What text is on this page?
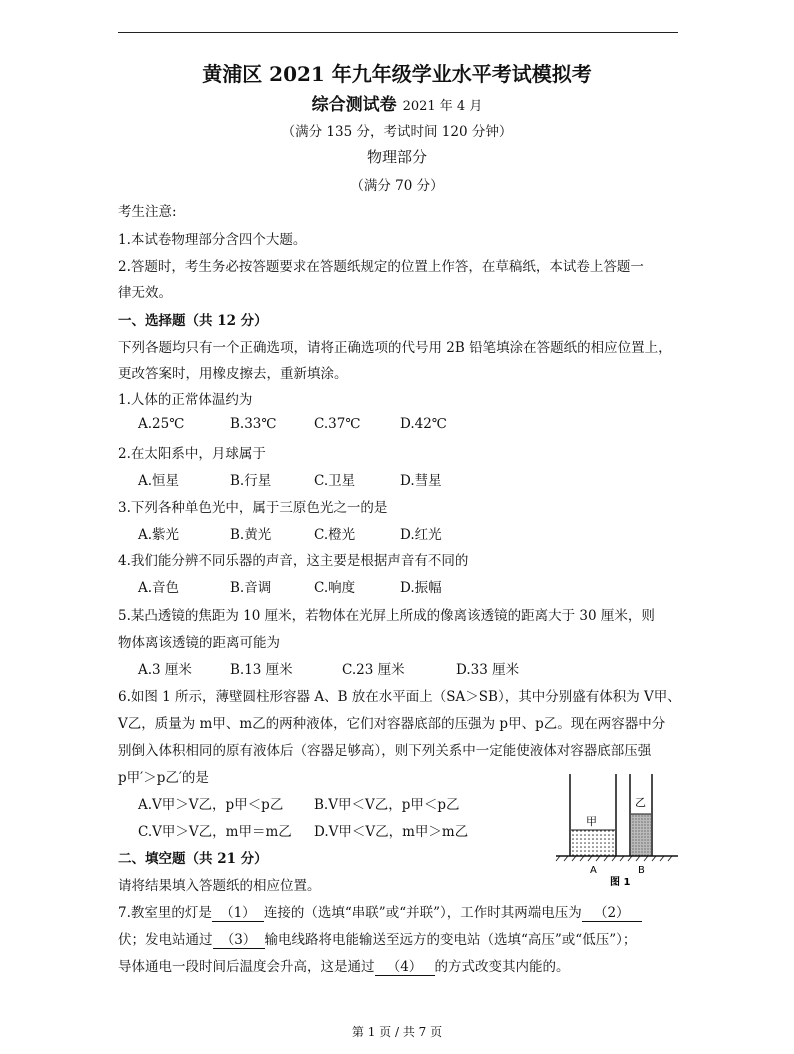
黄浦区 2021 年九年级学业水平考试模拟考
综合测试卷 2021 年 4 月
（满分 135 分，考试时间 120 分钟）
物理部分
（满分 70 分）
考生注意:
1.本试卷物理部分含四个大题。
2.答题时，考生务必按答题要求在答题纸规定的位置上作答，在草稿纸，本试卷上答题一
律无效。
一、选择题（共 12 分）
下列各题均只有一个正确选项，请将正确选项的代号用 2B 铅笔填涂在答题纸的相应位置上，
更改答案时，用橡皮擦去，重新填涂。
1.人体的正常体温约为
A.25℃	B.33℃	C.37℃	D.42℃
2.在太阳系中，月球属于
A.恒星	B.行星	C.卫星	D.彗星
3.下列各种单色光中，属于三原色光之一的是
A.紫光	B.黄光	C.橙光	D.红光
4.我们能分辨不同乐器的声音，这主要是根据声音有不同的
A.音色	B.音调	C.响度	D.振幅
5.某凸透镜的焦距为 10 厘米，若物体在光屏上所成的像离该透镜的距离大于 30 厘米，则
物体离该透镜的距离可能为
A.3 厘米	B.13 厘米	C.23 厘米	D.33 厘米
6.如图 1 所示，薄壁圆柱形容器 A、B 放在水平面上（SA＞SB），其中分别盛有体积为 V甲、
V乙，质量为 m甲、m乙的两种液体，它们对容器底部的压强为 p甲、p乙。现在两容器中分
别倒入体积相同的原有液体后（容器足够高），则下列关系中一定能使液体对容器底部压强
p甲′＞p乙′的是
A.V甲＞V乙，p甲＜p乙 B.V甲＜V乙，p甲＜p乙
C.V甲＞V乙，m甲＝m乙 D.V甲＜V乙，m甲＞m乙
甲
乙
A	B
图 1
二、填空题（共 21 分）
请将结果填入答题纸的相应位置。
7.教室里的灯是 （1） 连接的（选填“串联”或“并联”），工作时其两端电压为 （2）
伏；发电站通过 （3） 输电线路将电能输送至远方的变电站（选填“高压”或“低压”）；
导体通电一段时间后温度会升高，这是通过 （4） 的方式改变其内能的。
第 1 页 / 共 7 页
